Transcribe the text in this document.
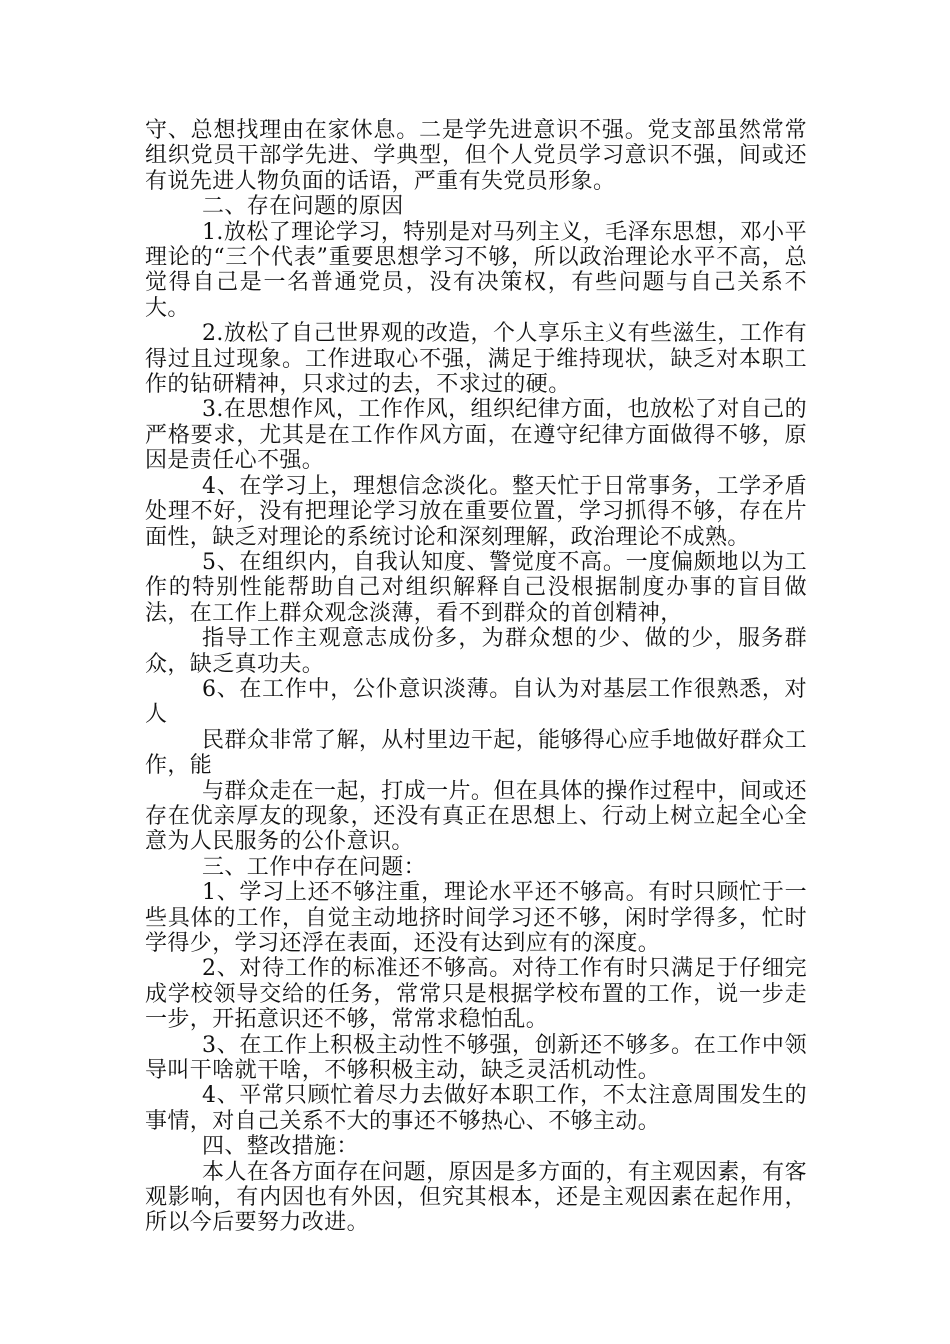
守、总想找理由在家休息。二是学先进意识不强。党支部虽然常常组织党员干部学先进、学典型，但个人党员学习意识不强，间或还有说先进人物负面的话语，严重有失党员形象。

二、存在问题的原因

1.放松了理论学习，特别是对马列主义，毛泽东思想，邓小平理论的“三个代表”重要思想学习不够，所以政治理论水平不高，总觉得自己是一名普通党员，没有决策权，有些问题与自己关系不大。

2.放松了自己世界观的改造，个人享乐主义有些滋生，工作有得过且过现象。工作进取心不强，满足于维持现状，缺乏对本职工作的钻研精神，只求过的去，不求过的硬。

3.在思想作风，工作作风，组织纪律方面，也放松了对自己的严格要求，尤其是在工作作风方面，在遵守纪律方面做得不够，原因是责任心不强。

4、在学习上，理想信念淡化。整天忙于日常事务，工学矛盾处理不好，没有把理论学习放在重要位置，学习抓得不够，存在片面性，缺乏对理论的系统讨论和深刻理解，政治理论不成熟。

5、在组织内，自我认知度、警觉度不高。一度偏颇地以为工作的特别性能帮助自己对组织解释自己没根据制度办事的盲目做法，在工作上群众观念淡薄，看不到群众的首创精神，

指导工作主观意志成份多，为群众想的少、做的少，服务群众，缺乏真功夫。

6、在工作中，公仆意识淡薄。自认为对基层工作很熟悉，对人

民群众非常了解，从村里边干起，能够得心应手地做好群众工作，能

与群众走在一起，打成一片。但在具体的操作过程中，间或还存在优亲厚友的现象，还没有真正在思想上、行动上树立起全心全意为人民服务的公仆意识。

三、工作中存在问题：

1、学习上还不够注重，理论水平还不够高。有时只顾忙于一些具体的工作，自觉主动地挤时间学习还不够，闲时学得多，忙时学得少，学习还浮在表面，还没有达到应有的深度。

2、对待工作的标准还不够高。对待工作有时只满足于仔细完成学校领导交给的任务，常常只是根据学校布置的工作，说一步走一步，开拓意识还不够，常常求稳怕乱。

3、在工作上积极主动性不够强，创新还不够多。在工作中领导叫干啥就干啥，不够积极主动，缺乏灵活机动性。

4、平常只顾忙着尽力去做好本职工作，不太注意周围发生的事情，对自己关系不大的事还不够热心、不够主动。

四、整改措施：

本人在各方面存在问题，原因是多方面的，有主观因素，有客观影响，有内因也有外因，但究其根本，还是主观因素在起作用，所以今后要努力改进。
